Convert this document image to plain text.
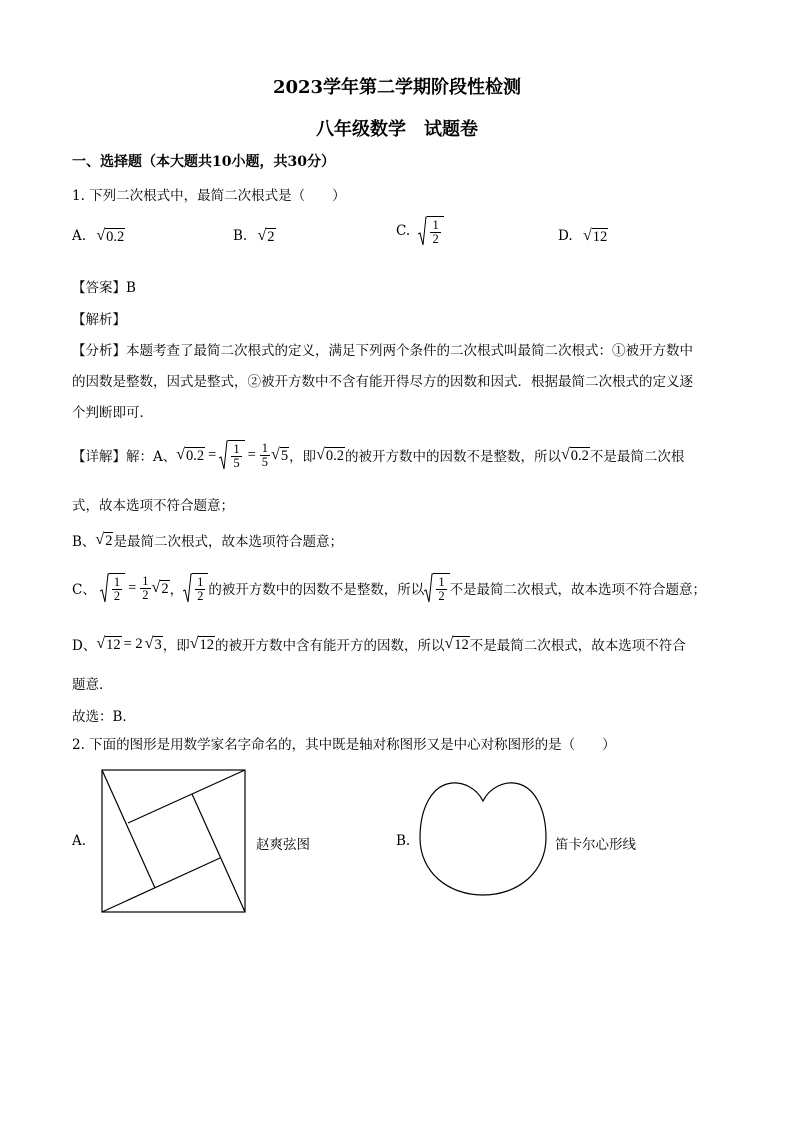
2023学年第二学期阶段性检测
八年级数学　试题卷
一、选择题（本大题共10小题，共30分）
1. 下列二次根式中，最简二次根式是（　　）
A. √ 0.2	B. √ 2	C. $\frac{1}{2}$	D. √ 12
【答案】B
【解析】
【分析】本题考查了最简二次根式的定义，满足下列两个条件的二次根式叫最简二次根式：①被开方数中
的因数是整数，因式是整式，②被开方数中不含有能开得尽方的因数和因式．根据最简二次根式的定义逐
个判断即可．
【详解】解：A、 √ $0.2 = \frac{1}{5} = \frac{1}{5}$ √ 5 ，即 √ 0.2 的被开方数中的因数不是整数，所以 √ 0.2 不是最简二次根
式，故本选项不符合题意；
B、 √ 2 是最简二次根式，故本选项符合题意；
C、 $\frac{1}{2} = \frac{1}{2}$ √ 2 ， $\frac{1}{2}$ 的被开方数中的因数不是整数，所以 $\frac{1}{2}$ 不是最简二次根式，故本选项不符合题意；
D、 √ 12 = 2 √ 3 ，即 √ 12 的被开方数中含有能开方的因数，所以 √ 12 不是最简二次根式，故本选项不符合
题意．
故选：B．
2. 下面的图形是用数学家名字命名的，其中既是轴对称图形又是中心对称图形的是（　　）
A.	赵爽弦图	B.	笛卡尔心形线
